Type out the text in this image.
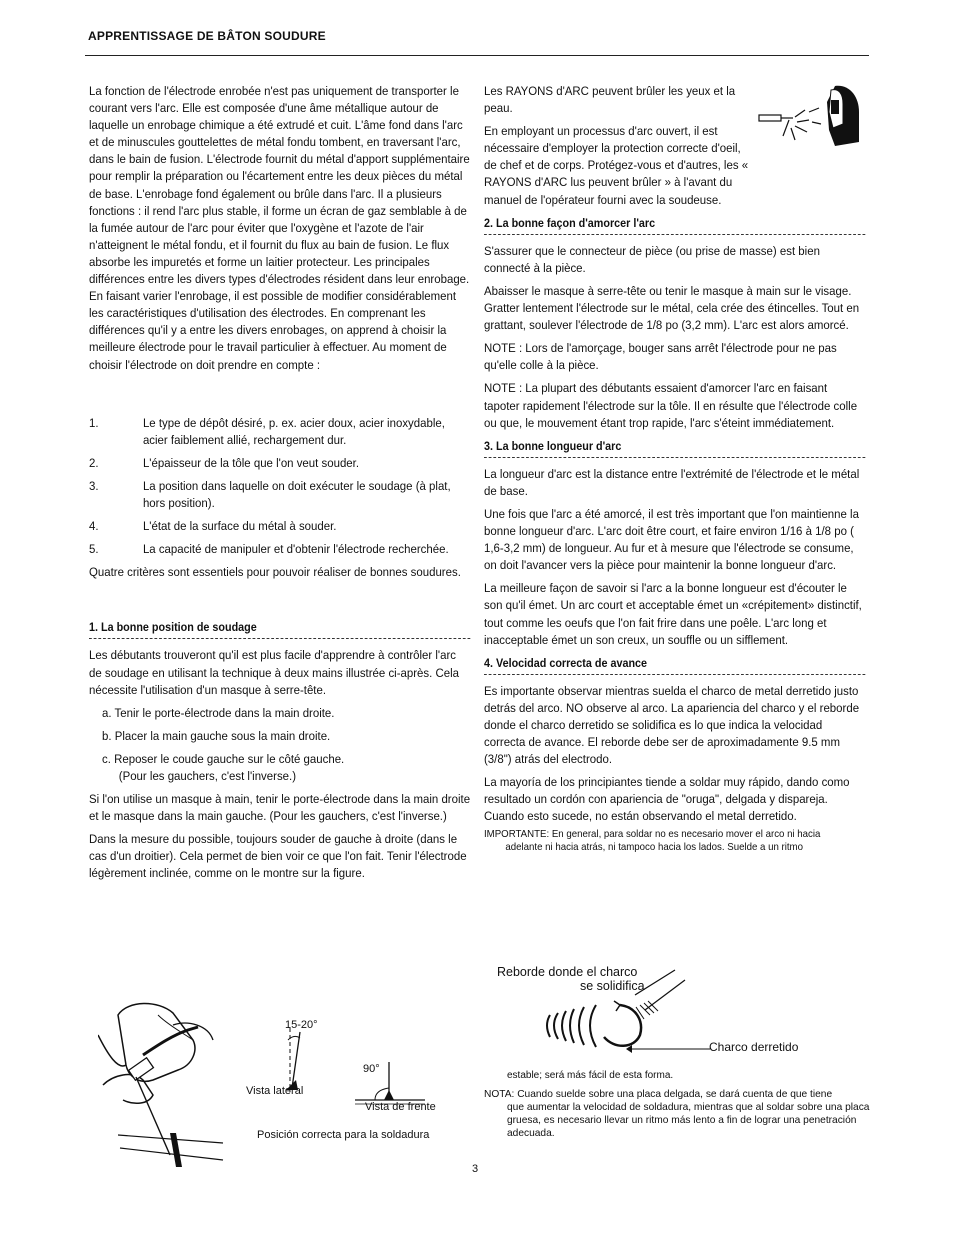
APPRENTISSAGE DE BÂTON SOUDURE

La fonction de l'électrode enrobée n'est pas uniquement de transporter le courant vers l'arc. Elle est composée d'une âme métallique autour de laquelle un enrobage chimique a été extrudé et cuit. L'âme fond dans l'arc et de minuscules gouttelettes de métal fondu tombent, en traversant l'arc, dans le bain de fusion. L'électrode fournit du métal d'apport supplémentaire pour remplir la préparation ou l'écartement entre les deux pièces du métal de base. L'enrobage fond également ou brûle dans l'arc. Il a plusieurs fonctions : il rend l'arc plus stable, il forme un écran de gaz semblable à de la fumée autour de l'arc pour éviter que l'oxygène et l'azote de l'air n'atteignent le métal fondu, et il fournit du flux au bain de fusion. Le flux absorbe les impuretés et forme un laitier protecteur. Les principales différences entre les divers types d'électrodes résident dans leur enrobage. En faisant varier l'enrobage, il est possible de modifier considérablement les caractéristiques d'utilisation des électrodes. En comprenant les différences qu'il y a entre les divers enrobages, on apprend à choisir la meilleure électrode pour le travail particulier à effectuer. Au moment de choisir l'électrode on doit prendre en compte :

1.	Le type de dépôt désiré, p. ex. acier doux, acier inoxydable, acier faiblement allié, rechargement dur.
2.	L'épaisseur de la tôle que l'on veut souder.
3.	La position dans laquelle on doit exécuter le soudage (à plat, hors position).
4.	L'état de la surface du métal à souder.
5.	La capacité de manipuler et d'obtenir l'électrode recherchée.

Quatre critères sont essentiels pour pouvoir réaliser de bonnes soudures.

1. La bonne position de soudage

Les débutants trouveront qu'il est plus facile d'apprendre à contrôler l'arc de soudage en utilisant la technique à deux mains illustrée ci-après. Cela nécessite l'utilisation d'un masque à serre-tête.

a. Tenir le porte-électrode dans la main droite.
b. Placer la main gauche sous la main droite.
c. Reposer le coude gauche sur le côté gauche.
(Pour les gauchers, c'est l'inverse.)

Si l'on utilise un masque à main, tenir le porte-électrode dans la main droite et le masque dans la main gauche. (Pour les gauchers, c'est l'inverse.)

Dans la mesure du possible, toujours souder de gauche à droite (dans le cas d'un droitier). Cela permet de bien voir ce que l'on fait. Tenir l'électrode légèrement inclinée, comme on le montre sur la figure.

Les RAYONS d'ARC peuvent brûler les yeux et la peau.

En employant un processus d'arc ouvert, il est nécessaire d'employer la protection correcte d'oeil, de chef et de corps. Protégez-vous et d'autres, les « RAYONS d'ARC lus peuvent brûler » à l'avant du manuel de l'opérateur fourni avec la soudeuse.

2. La bonne façon d'amorcer l'arc

S'assurer que le connecteur de pièce (ou prise de masse) est bien connecté à la pièce.

Abaisser le masque à serre-tête ou tenir le masque à main sur le visage. Gratter lentement l'électrode sur le métal, cela crée des étincelles. Tout en grattant, soulever l'électrode de 1/8 po (3,2 mm). L'arc est alors amorcé.

NOTE : Lors de l'amorçage, bouger sans arrêt l'électrode pour ne pas qu'elle colle à la pièce.

NOTE : La plupart des débutants essaient d'amorcer l'arc en faisant tapoter rapidement l'électrode sur la tôle. Il en résulte que l'électrode colle ou que, le mouvement étant trop rapide, l'arc s'éteint immédiatement.

3. La bonne longueur d'arc

La longueur d'arc est la distance entre l'extrémité de l'électrode et le métal de base.

Une fois que l'arc a été amorcé, il est très important que l'on maintienne la bonne longueur d'arc. L'arc doit être court, et faire environ 1/16 à 1/8 po ( 1,6-3,2 mm) de longueur. Au fur et à mesure que l'électrode se consume, on doit l'avancer vers la pièce pour maintenir la bonne longueur d'arc.

La meilleure façon de savoir si l'arc a la bonne longueur est d'écouter le son qu'il émet. Un arc court et acceptable émet un «crépitement» distinctif, tout comme les oeufs que l'on fait frire dans une poêle. L'arc long et inacceptable émet un son creux, un souffle ou un sifflement.

4. Velocidad correcta de avance

Es importante observar mientras suelda el charco de metal derretido justo detrás del arco. NO observe al arco. La apariencia del charco y el reborde donde el charco derretido se solidifica es lo que indica la velocidad correcta de avance. El reborde debe ser de aproximadamente 9.5 mm (3/8") atrás del electrodo.

La mayoría de los principiantes tiende a soldar muy rápido, dando como resultado un cordón con apariencia de "oruga", delgada y dispareja. Cuando esto sucede, no están observando el metal derretido.

IMPORTANTE: En general, para soldar no es necesario mover el arco ni hacia
adelante ni hacia atrás, ni tampoco hacia los lados. Suelde a un ritmo
15-20°
Vista lateral
90°
Vista de frente
Posición correcta para la soldadura
Reborde donde el charco
se solidifica
Charco derretido
estable; será más fácil de esta forma.
NOTA: Cuando suelde sobre una placa delgada, se dará cuenta de que tiene
que aumentar la velocidad de soldadura, mientras que al soldar sobre una placa gruesa, es necesario llevar un ritmo más lento a fin de lograr una penetración adecuada.
3
